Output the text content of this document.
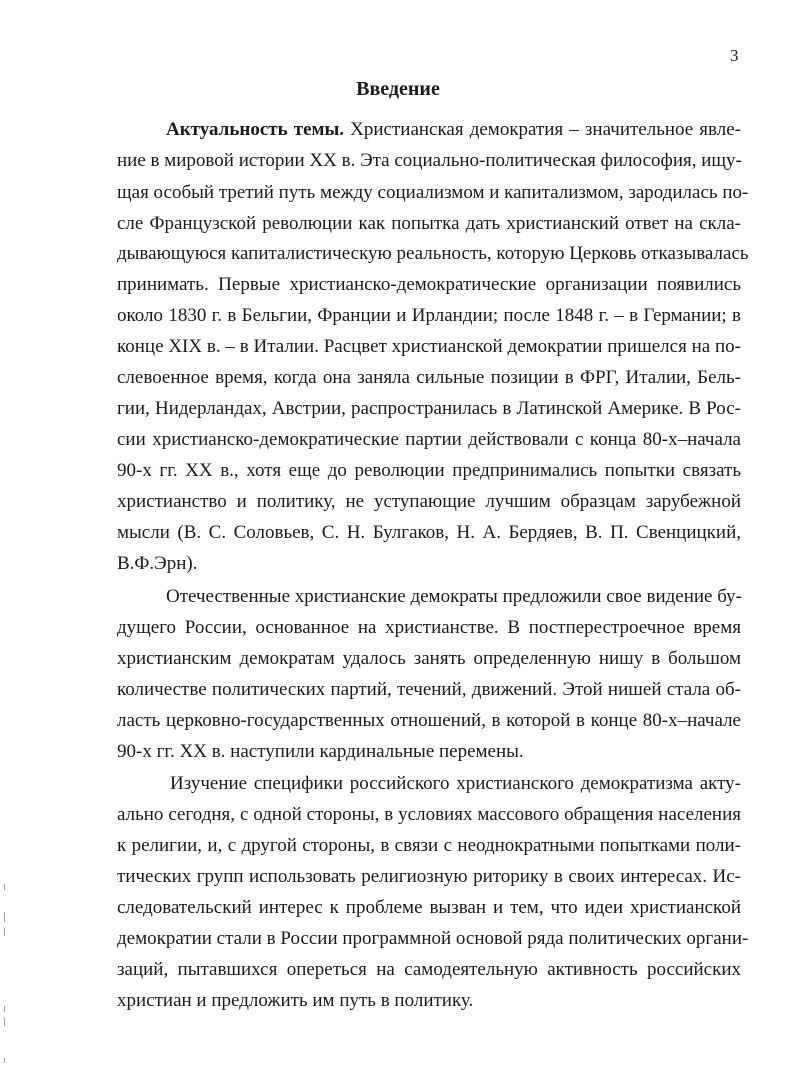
3
Введение
Актуальность темы. Христианская демократия – значительное явле-
ние в мировой истории XX в. Эта социально-политическая философия, ищу-
щая особый третий путь между социализмом и капитализмом, зародилась по-
сле Французской революции как попытка дать христианский ответ на скла-
дывающуюся капиталистическую реальность, которую Церковь отказывалась
принимать. Первые христианско-демократические организации появились
около 1830 г. в Бельгии, Франции и Ирландии; после 1848 г. – в Германии; в
конце XIX в. – в Италии. Расцвет христианской демократии пришелся на по-
слевоенное время, когда она заняла сильные позиции в ФРГ, Италии, Бель-
гии, Нидерландах, Австрии, распространилась в Латинской Америке. В Рос-
сии христианско-демократические партии действовали с конца 80-х–начала
90-х гг. XX в., хотя еще до революции предпринимались попытки связать
христианство и политику, не уступающие лучшим образцам зарубежной
мысли (В. С. Соловьев, С. Н. Булгаков, Н. А. Бердяев, В. П. Свенцицкий,
В.Ф.Эрн).
Отечественные христианские демократы предложили свое видение бу-
дущего России, основанное на христианстве. В постперестроечное время
христианским демократам удалось занять определенную нишу в большом
количестве политических партий, течений, движений. Этой нишей стала об-
ласть церковно-государственных отношений, в которой в конце 80-х–начале
90-х гг. XX в. наступили кардинальные перемены.
Изучение специфики российского христианского демократизма акту-
ально сегодня, с одной стороны, в условиях массового обращения населения
к религии, и, с другой стороны, в связи с неоднократными попытками поли-
тических групп использовать религиозную риторику в своих интересах. Ис-
следовательский интерес к проблеме вызван и тем, что идеи христианской
демократии стали в России программной основой ряда политических органи-
заций, пытавшихся опереться на самодеятельную активность российских
христиан и предложить им путь в политику.
